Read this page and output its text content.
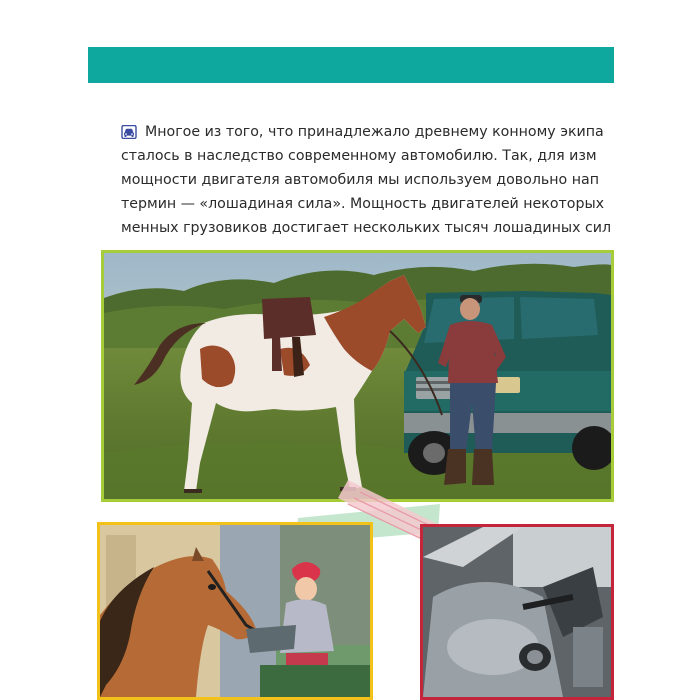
Многое из того, что принадлежало древнему конному экипа
сталось в наследство современному автомобилю. Так, для изм
мощности двигателя автомобиля мы используем довольно нап
термин — «лошадиная сила». Мощность двигателей некоторых
менных грузовиков достигает нескольких тысяч лошадиных сил
